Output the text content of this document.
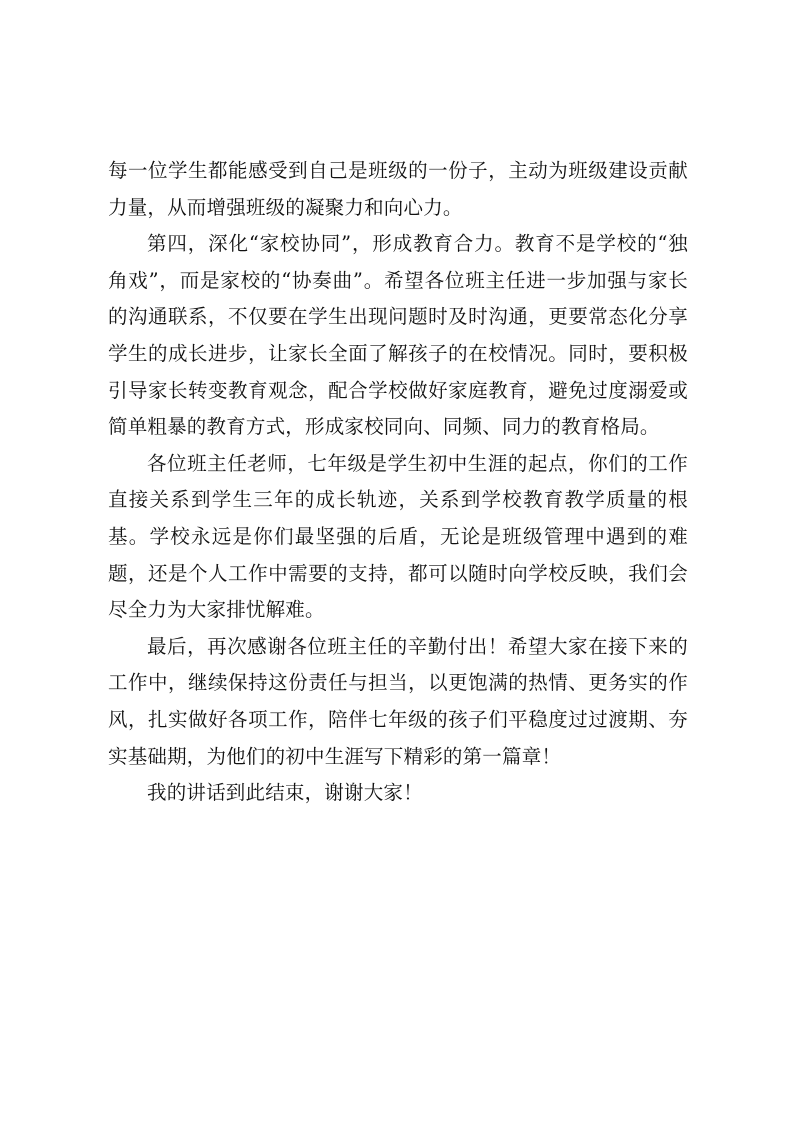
每一位学生都能感受到自己是班级的一份子，主动为班级建设贡献力量，从而增强班级的凝聚力和向心力。

第四，深化“家校协同”，形成教育合力。教育不是学校的“独角戏”，而是家校的“协奏曲”。希望各位班主任进一步加强与家长的沟通联系，不仅要在学生出现问题时及时沟通，更要常态化分享学生的成长进步，让家长全面了解孩子的在校情况。同时，要积极引导家长转变教育观念，配合学校做好家庭教育，避免过度溺爱或简单粗暴的教育方式，形成家校同向、同频、同力的教育格局。

各位班主任老师，七年级是学生初中生涯的起点，你们的工作直接关系到学生三年的成长轨迹，关系到学校教育教学质量的根基。学校永远是你们最坚强的后盾，无论是班级管理中遇到的难题，还是个人工作中需要的支持，都可以随时向学校反映，我们会尽全力为大家排忧解难。

最后，再次感谢各位班主任的辛勤付出！希望大家在接下来的工作中，继续保持这份责任与担当，以更饱满的热情、更务实的作风，扎实做好各项工作，陪伴七年级的孩子们平稳度过过渡期、夯实基础期，为他们的初中生涯写下精彩的第一篇章！

我的讲话到此结束，谢谢大家！
